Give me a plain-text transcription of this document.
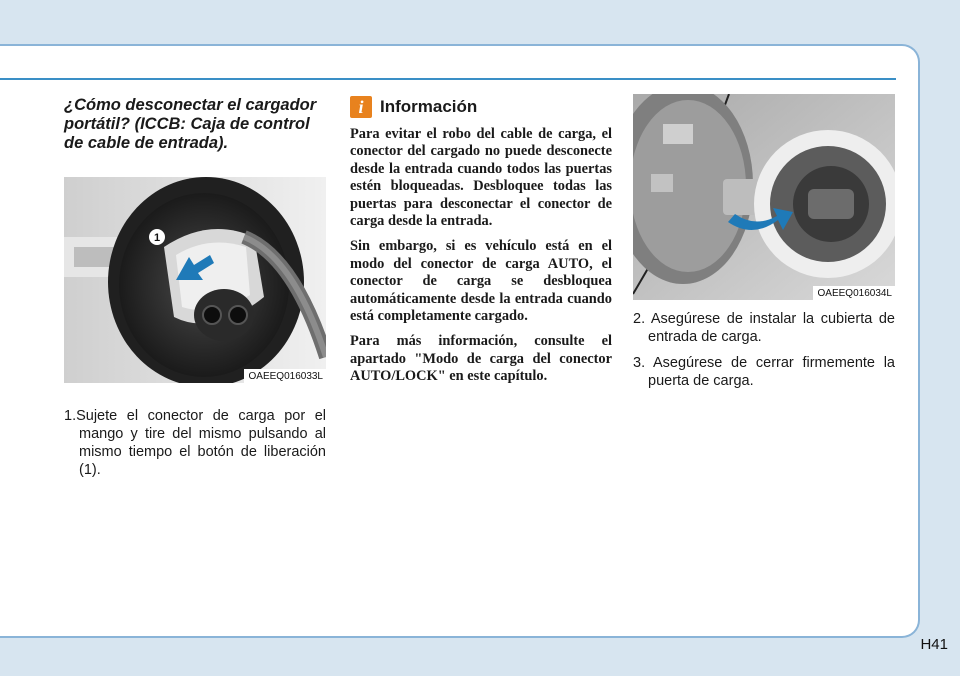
¿Cómo desconectar el cargador portátil? (ICCB: Caja de control de cable de entrada).

1
OAEEQ016033L

1.Sujete el conector de carga por el mango y tire del mismo pulsando al mismo tiempo el botón de liberación (1).

i Información

Para evitar el robo del cable de carga, el conector del cargado no puede desconecte desde la entrada cuando todos las puertas estén bloqueadas. Desbloquee todas las puertas para desconectar el conector de carga desde la entrada.

Sin embargo, si es vehículo está en el modo del conector de carga AUTO, el conector de carga se desbloquea automáticamente desde la entrada cuando está completamente cargado.

Para más información, consulte el apartado "Modo de carga del conector AUTO/LOCK" en este capítulo.

OAEEQ016034L

2. Asegúrese de instalar la cubierta de entrada de carga.

3. Asegúrese de cerrar firmemente la puerta de carga.

H41
